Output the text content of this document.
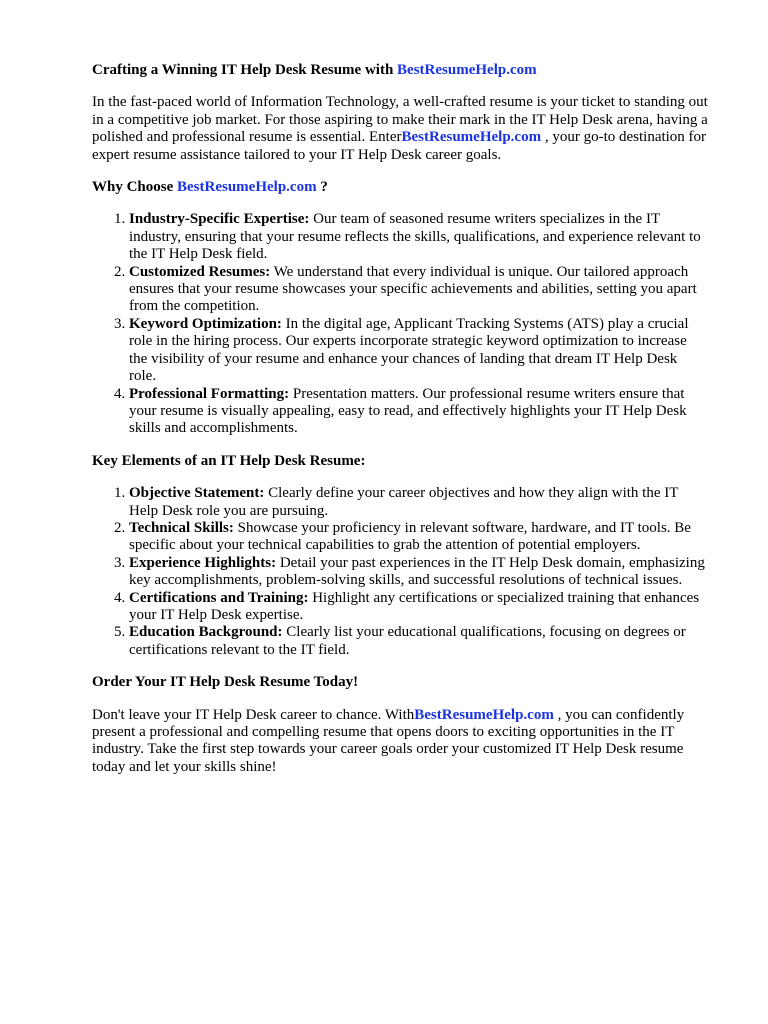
Crafting a Winning IT Help Desk Resume with BestResumeHelp.com

In the fast-paced world of Information Technology, a well-crafted resume is your ticket to standing out in a competitive job market. For those aspiring to make their mark in the IT Help Desk arena, having a polished and professional resume is essential. EnterBestResumeHelp.com , your go-to destination for expert resume assistance tailored to your IT Help Desk career goals.

Why Choose BestResumeHelp.com ?
1. Industry-Specific Expertise: Our team of seasoned resume writers specializes in the IT industry, ensuring that your resume reflects the skills, qualifications, and experience relevant to the IT Help Desk field.
2. Customized Resumes: We understand that every individual is unique. Our tailored approach ensures that your resume showcases your specific achievements and abilities, setting you apart from the competition.
3. Keyword Optimization: In the digital age, Applicant Tracking Systems (ATS) play a crucial role in the hiring process. Our experts incorporate strategic keyword optimization to increase the visibility of your resume and enhance your chances of landing that dream IT Help Desk role.
4. Professional Formatting: Presentation matters. Our professional resume writers ensure that your resume is visually appealing, easy to read, and effectively highlights your IT Help Desk skills and accomplishments.
Key Elements of an IT Help Desk Resume:
1. Objective Statement: Clearly define your career objectives and how they align with the IT Help Desk role you are pursuing.
2. Technical Skills: Showcase your proficiency in relevant software, hardware, and IT tools. Be specific about your technical capabilities to grab the attention of potential employers.
3. Experience Highlights: Detail your past experiences in the IT Help Desk domain, emphasizing key accomplishments, problem-solving skills, and successful resolutions of technical issues.
4. Certifications and Training: Highlight any certifications or specialized training that enhances your IT Help Desk expertise.
5. Education Background: Clearly list your educational qualifications, focusing on degrees or certifications relevant to the IT field.
Order Your IT Help Desk Resume Today!

Don't leave your IT Help Desk career to chance. WithBestResumeHelp.com , you can confidently present a professional and compelling resume that opens doors to exciting opportunities in the IT industry. Take the first step towards your career goals order your customized IT Help Desk resume today and let your skills shine!
